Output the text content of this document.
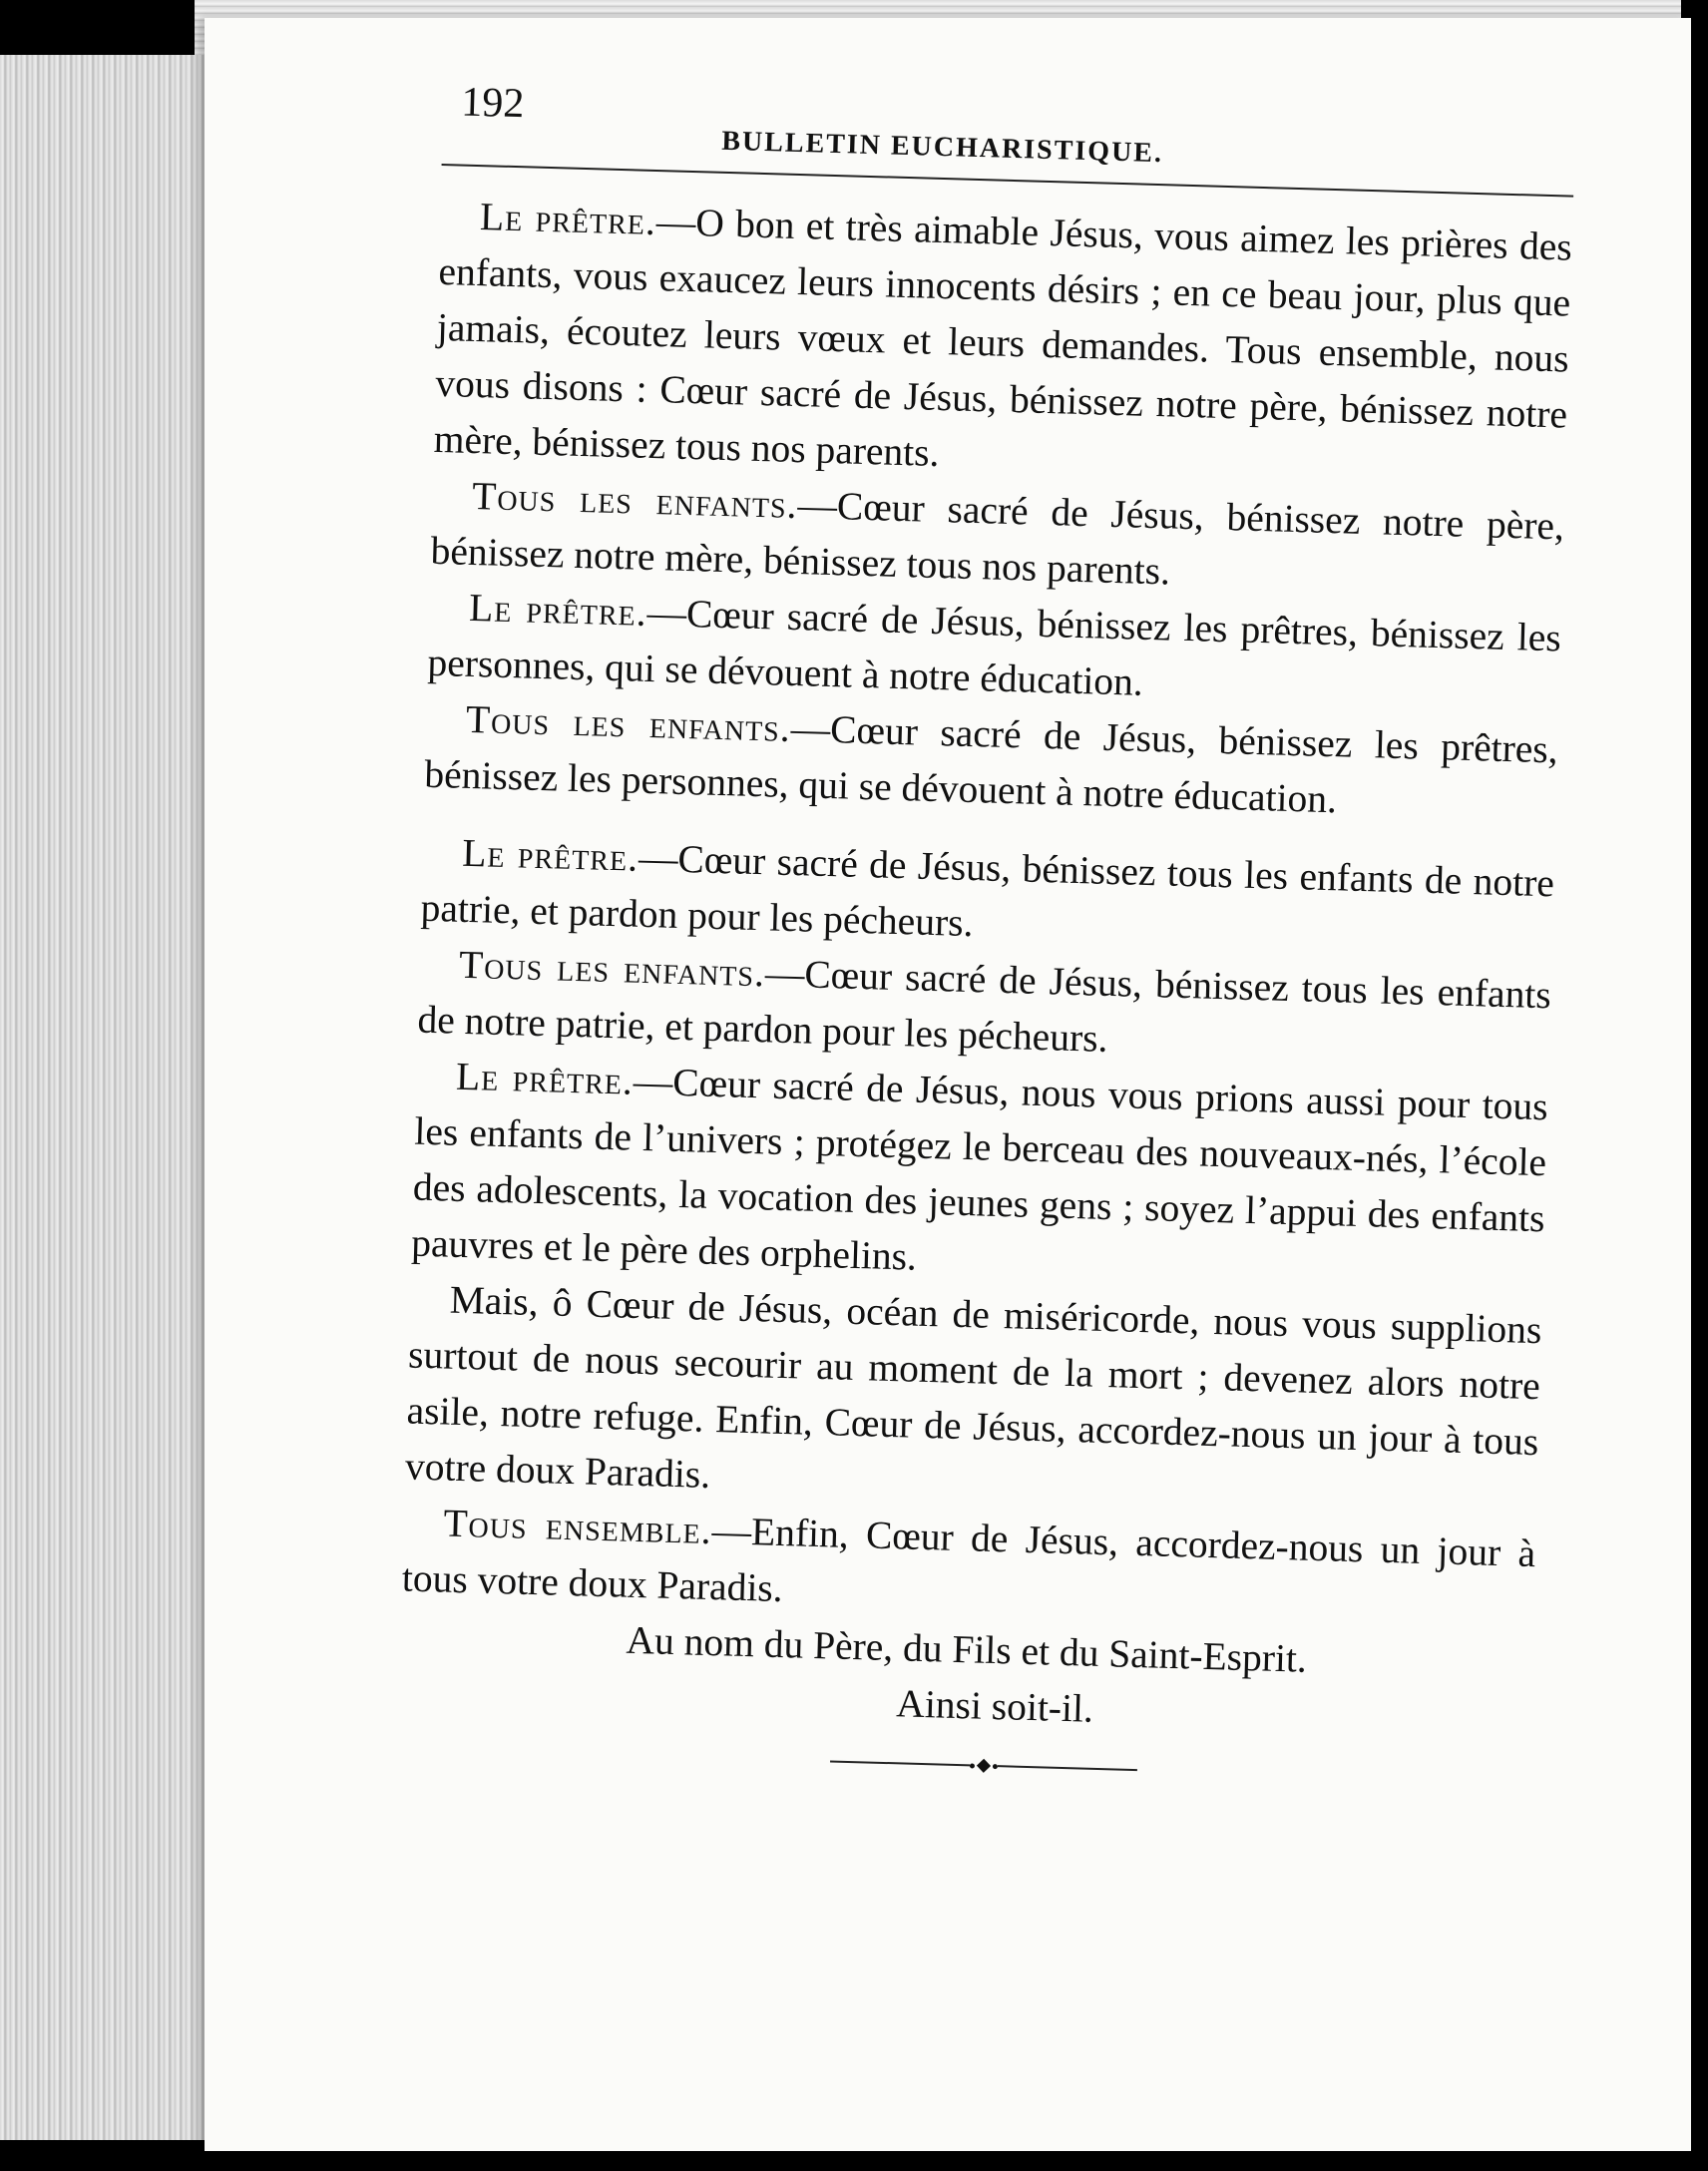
192
BULLETIN EUCHARISTIQUE.

Le prêtre.—O bon et très aimable Jésus, vous aimez les prières des enfants, vous exaucez leurs innocents désirs ; en ce beau jour, plus que jamais, écoutez leurs vœux et leurs demandes. Tous ensemble, nous vous disons : Cœur sacré de Jésus, bénissez notre père, bénissez notre mère, bénissez tous nos parents.

Tous les enfants.—Cœur sacré de Jésus, bénissez notre père, bénissez notre mère, bénissez tous nos parents.

Le prêtre.—Cœur sacré de Jésus, bénissez les prêtres, bénissez les personnes, qui se dévouent à notre éducation.

Tous les enfants.—Cœur sacré de Jésus, bénissez les prêtres, bénissez les personnes, qui se dévouent à notre éducation.

Le prêtre.—Cœur sacré de Jésus, bénissez tous les enfants de notre patrie, et pardon pour les pécheurs.

Tous les enfants.—Cœur sacré de Jésus, bénissez tous les enfants de notre patrie, et pardon pour les pécheurs.

Le prêtre.—Cœur sacré de Jésus, nous vous prions aussi pour tous les enfants de l’univers ; protégez le berceau des nouveaux-nés, l’école des adolescents, la vocation des jeunes gens ; soyez l’appui des enfants pauvres et le père des orphelins.

Mais, ô Cœur de Jésus, océan de miséricorde, nous vous supplions surtout de nous secourir au moment de la mort ; devenez alors notre asile, notre refuge. Enfin, Cœur de Jésus, accordez-nous un jour à tous votre doux Paradis.

Tous ensemble.—Enfin, Cœur de Jésus, accordez-nous un jour à tous votre doux Paradis.

Au nom du Père, du Fils et du Saint-Esprit.
Ainsi soit-il.
